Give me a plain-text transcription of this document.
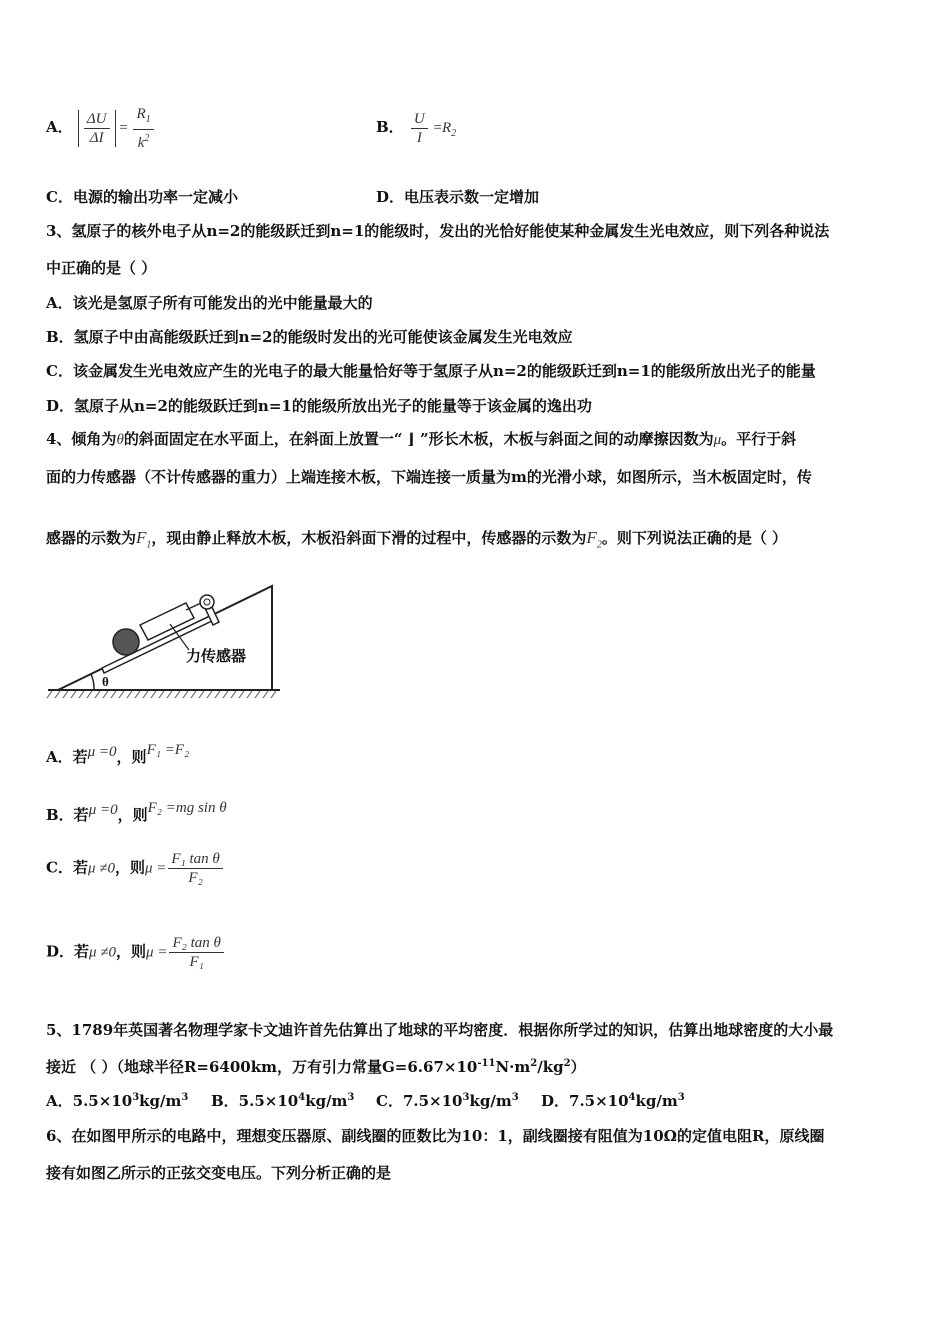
A． $\frac{\Delta U}{\Delta I} = \frac{R_1}{k^2}$	B． $\frac{U}{I} =R_2$
C．电源的输出功率一定减小	D．电压表示数一定增加
3、氢原子的核外电子从n=2的能级跃迁到n=1的能级时，发出的光恰好能使某种金属发生光电效应，则下列各种说法
中正确的是（ ）
A．该光是氢原子所有可能发出的光中能量最大的
B．氢原子中由高能级跃迁到n=2的能级时发出的光可能使该金属发生光电效应
C．该金属发生光电效应产生的光电子的最大能量恰好等于氢原子从n=2的能级跃迁到n=1的能级所放出光子的能量
D．氢原子从n=2的能级跃迁到n=1的能级所放出光子的能量等于该金属的逸出功
4、倾角为θ的斜面固定在水平面上，在斜面上放置一“ ⌋ ”形长木板，木板与斜面之间的动摩擦因数为μ。平行于斜
面的力传感器（不计传感器的重力）上端连接木板，下端连接一质量为m的光滑小球，如图所示，当木板固定时，传
感器的示数为$F_1$，现由静止释放木板，木板沿斜面下滑的过程中，传感器的示数为$F_2$。则下列说法正确的是（ ）
θ
力传感器
A．若μ =0，则F₁ =F₂
B．若μ =0，则F₂ =mg sin θ
C．若μ ≠0，则$\mu = \frac{\text{F₁ tan θ}}{\text{F₂}}$
D．若μ ≠0，则$\mu = \frac{\text{F₂ tan θ}}{\text{F₁}}$
5、1789年英国著名物理学家卡文迪许首先估算出了地球的平均密度．根据你所学过的知识，估算出地球密度的大小最
接近 （ ）（地球半径R=6400km，万有引力常量$G=6.67\times 10^{-11}N\cdot m^2/kg^2$）
A．$5.5\times 10^3kg/m^3$ B．$5.5\times 10^4kg/m^3$ C．$7.5\times 10^3kg/m^3$ D．$7.5\times 10^4kg/m^3$
6、在如图甲所示的电路中，理想变压器原、副线圈的匝数比为10：1，副线圈接有阻值为10Ω的定值电阻R，原线圈
接有如图乙所示的正弦交变电压。下列分析正确的是
